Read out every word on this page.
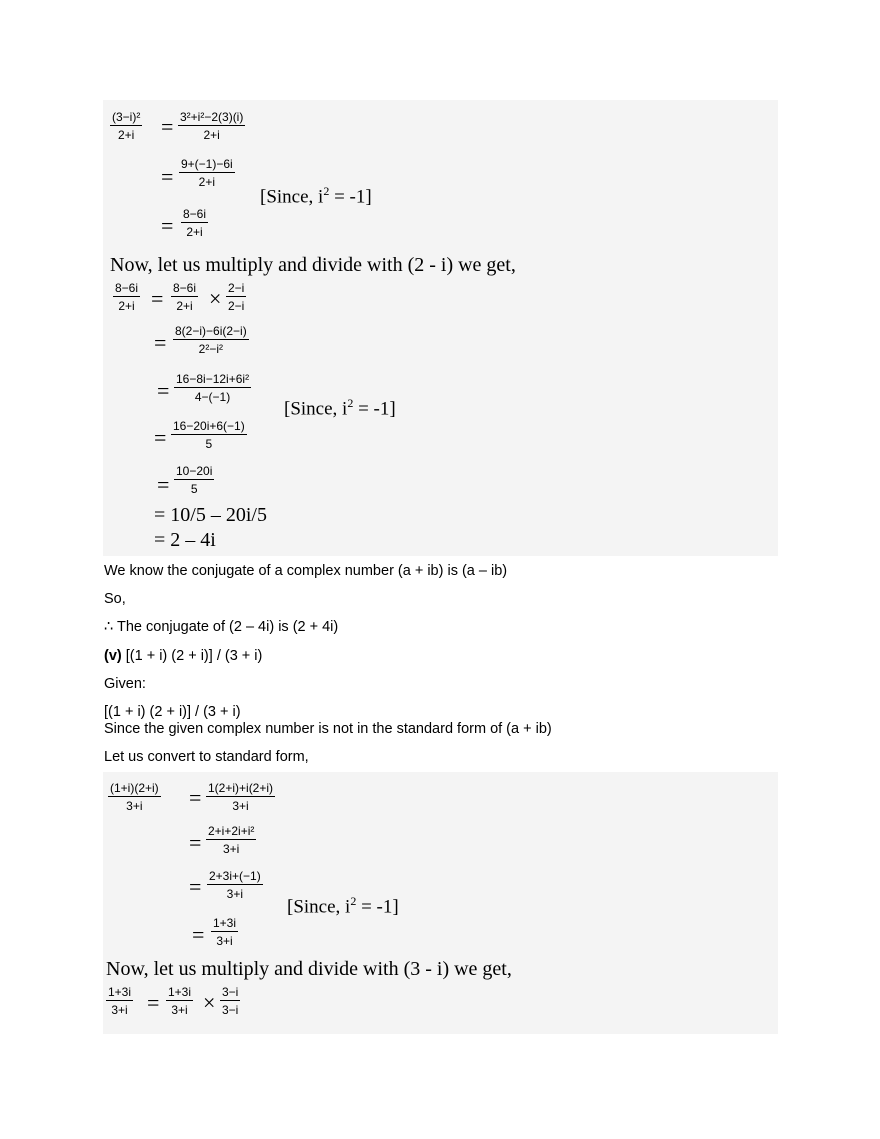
$\frac{\text{(3−i)²}}{2+i} = \frac{\text{3²+i²−2(3)(i)}}{2+i}$
= $\frac{9+(-1)-6i}{2+i}$
[Since, $i^2 = -1$]
= $\frac{8-6i}{2+i}$
Now, let us multiply and divide with (2 - i) we get,
$\frac{8-6i}{2+i} = \frac{8-6i}{2+i} \times \frac{2-i}{2-i}$
= $\frac{8(2-i)-6i(2-i)}{\text{2²−i²}}$
= $\frac{\text{16−8i−12i+6i²}}{4-(-1)}$
[Since, $i^2 = -1$]
= $\frac{16-20i+6(-1)}{5}$
= $\frac{10-20i}{5}$
= 10/5 – 20i/5
= 2 – 4i
We know the conjugate of a complex number (a + ib) is (a – ib)
So,
∴ The conjugate of (2 – 4i) is (2 + 4i)
(v) [(1 + i) (2 + i)] / (3 + i)
Given:
[(1 + i) (2 + i)] / (3 + i)
Since the given complex number is not in the standard form of (a + ib)
Let us convert to standard form,
$\frac{(1+i)(2+i)}{3+i} = \frac{1(2+i)+i(2+i)}{3+i}$
= $\frac{\text{2+i+2i+i²}}{3+i}$
= $\frac{2+3i+(-1)}{3+i}$
[Since, $i^2 = -1$]
= $\frac{1+3i}{3+i}$
Now, let us multiply and divide with (3 - i) we get,
$\frac{1+3i}{3+i} = \frac{1+3i}{3+i} \times \frac{3-i}{3-i}$
